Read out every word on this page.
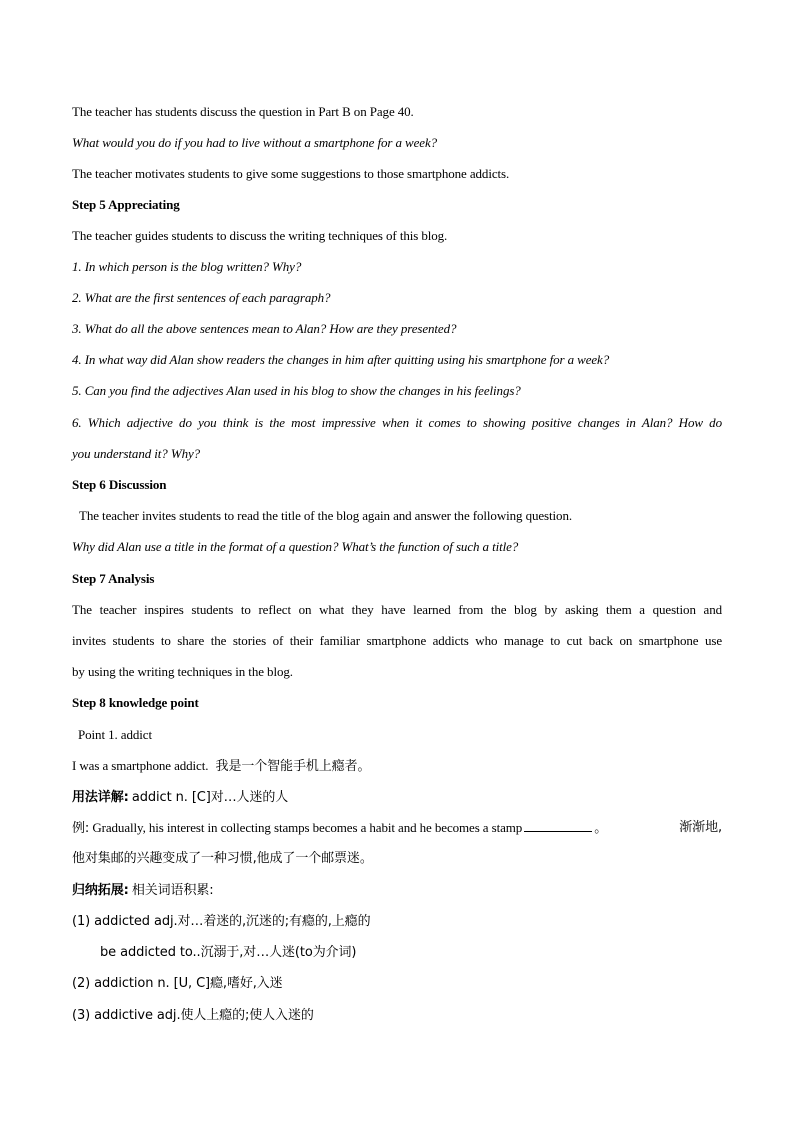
The teacher has students discuss the question in Part B on Page 40.
What would you do if you had to live without a smartphone for a week?
The teacher motivates students to give some suggestions to those smartphone addicts.
Step 5 Appreciating
The teacher guides students to discuss the writing techniques of this blog.
1. In which person is the blog written? Why?
2. What are the first sentences of each paragraph?
3. What do all the above sentences mean to Alan? How are they presented?
4. In what way did Alan show readers the changes in him after quitting using his smartphone for a week?
5. Can you find the adjectives Alan used in his blog to show the changes in his feelings?
6. Which adjective do you think is the most impressive when it comes to showing positive changes in Alan? How do
you understand it? Why?
Step 6 Discussion
The teacher invites students to read the title of the blog again and answer the following question.
Why did Alan use a title in the format of a question? What’s the function of such a title?
Step 7 Analysis
The teacher inspires students to reflect on what they have learned from the blog by asking them a question and
invites students to share the stories of their familiar smartphone addicts who manage to cut back on smartphone use
by using the writing techniques in the blog.
Step 8 knowledge point
Point 1. addict
I was a smartphone addict. 我是一个智能手机上瘾者。
用法详解: addict n. [C]对…人迷的人
例: Gradually, his interest in collecting stamps becomes a habit and he becomes a stamp	。	渐渐地,
他对集邮的兴趣变成了一种习惯,他成了一个邮票迷。
归纳拓展: 相关词语积累:
(1) addicted adj.对…着迷的,沉迷的;有瘾的,上瘾的
be addicted to..沉溺于,对…人迷(to为介词)
(2) addiction n. [U, C]瘾,嗜好,入迷
(3) addictive adj.使人上瘾的;使人入迷的
